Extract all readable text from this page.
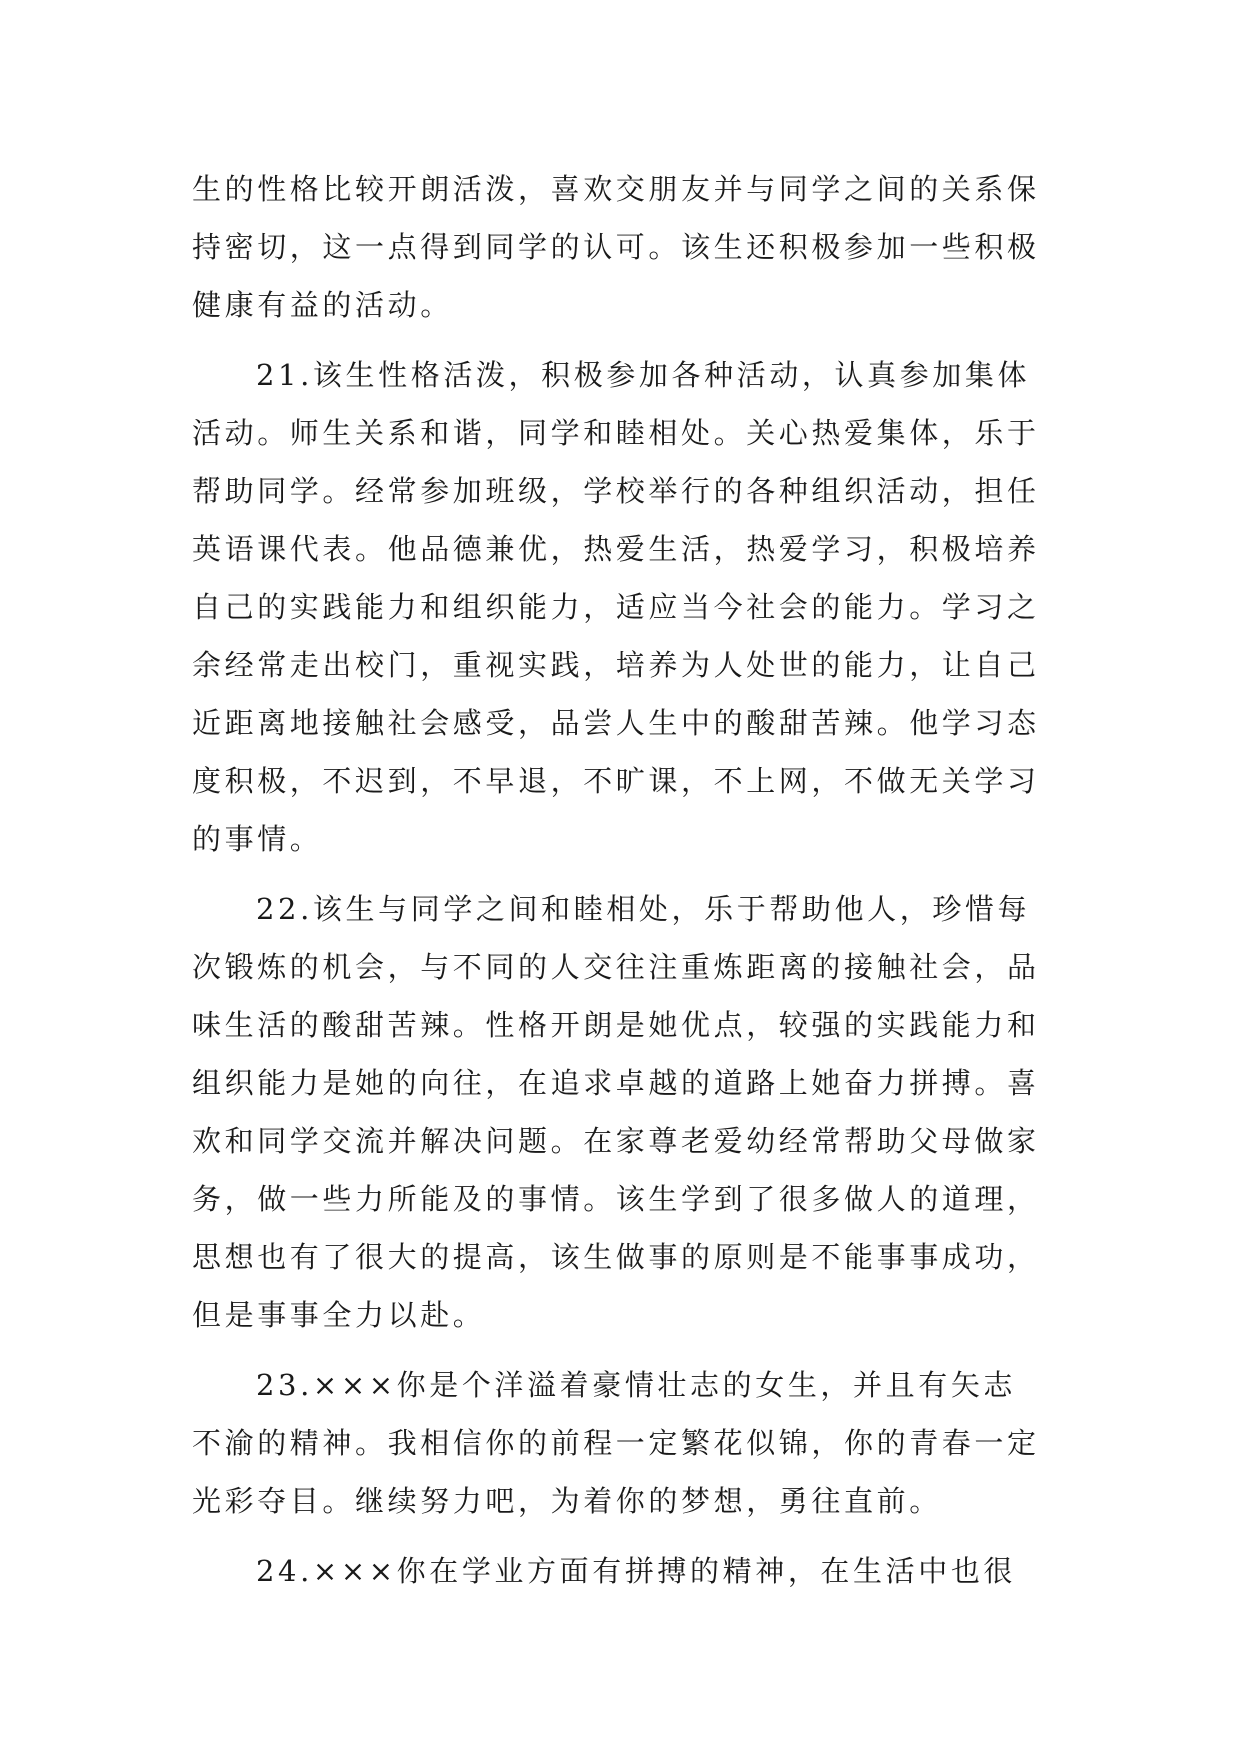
生的性格比较开朗活泼，喜欢交朋友并与同学之间的关系保
持密切，这一点得到同学的认可。该生还积极参加一些积极
健康有益的活动。
21.该生性格活泼，积极参加各种活动，认真参加集体
活动。师生关系和谐，同学和睦相处。关心热爱集体，乐于
帮助同学。经常参加班级，学校举行的各种组织活动，担任
英语课代表。他品德兼优，热爱生活，热爱学习，积极培养
自己的实践能力和组织能力，适应当今社会的能力。学习之
余经常走出校门，重视实践，培养为人处世的能力，让自己
近距离地接触社会感受，品尝人生中的酸甜苦辣。他学习态
度积极，不迟到，不早退，不旷课，不上网，不做无关学习
的事情。
22.该生与同学之间和睦相处，乐于帮助他人，珍惜每
次锻炼的机会，与不同的人交往注重炼距离的接触社会，品
味生活的酸甜苦辣。性格开朗是她优点，较强的实践能力和
组织能力是她的向往，在追求卓越的道路上她奋力拼搏。喜
欢和同学交流并解决问题。在家尊老爱幼经常帮助父母做家
务，做一些力所能及的事情。该生学到了很多做人的道理，
思想也有了很大的提高，该生做事的原则是不能事事成功，
但是事事全力以赴。
23.×××你是个洋溢着豪情壮志的女生，并且有矢志
不渝的精神。我相信你的前程一定繁花似锦，你的青春一定
光彩夺目。继续努力吧，为着你的梦想，勇往直前。
24.×××你在学业方面有拼搏的精神，在生活中也很
